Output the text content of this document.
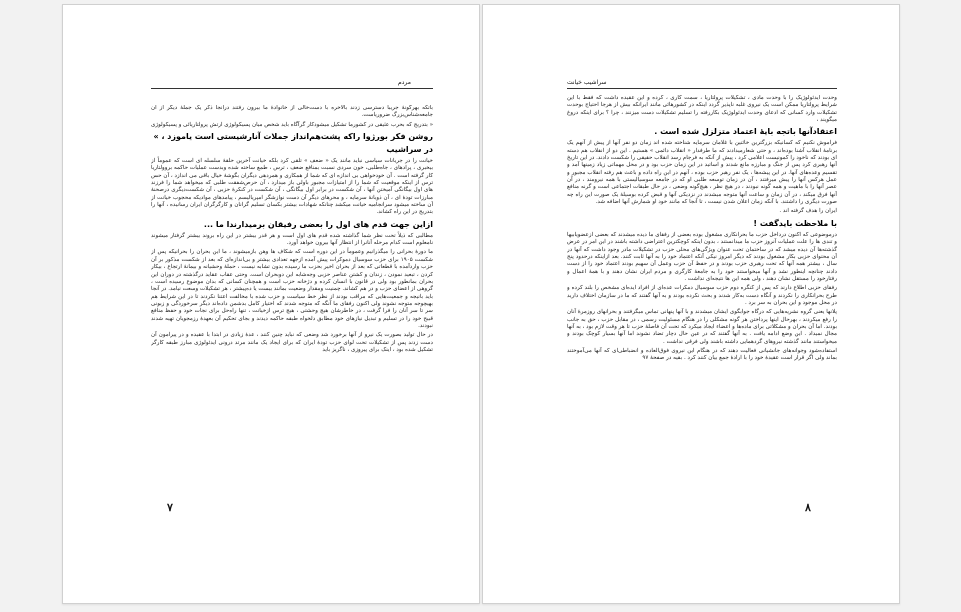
مردم

باتکه بهرگونهٔ جریبا دسترسی زدند بالاخره با دست‌خالی از خانوادهٔ ما بیرون رفتند درانجا ذکر یک جملهٔ دیگر از آن جامعه‌شناس‌بزرگ ضروریاست.

« بتدریج که بحرب عثیقی در کشورما تشکیل میشودکار گرآگاه باید شخص میان پسیکولوژی ارتش پرولتاریائی و پسیکولوژی

روشن فکر بورژوا راکه پشت‌هم‌انداز جملات آنارشیستی است یاموزد ، »
در سراشیب

خیانت را در جریانات سیاسی نباید مانند یک « ضعف » تلقی کرد بلکه خیانت آخرین حلقهٔ سلسله ای است که عموماً از بیخبری ، پرادهای ، جاه‌طلبی، خون سردی نسبت بمنافع ضعف ، ترس ، طمع ساخته شده وبدست عملیات حاکمه بروولتاریا کار گرفته است . آن خودخواهی بی اندازه ای که شما از همکاری و همردهی دیگران بگوشهٔ خیال باقی می اندازد ، آن حس ترس از اینکه موقعیت که شما را از امتیازات مجبور باولی باز میدارد ، آن حرص‌شفقت طلبی که میخواهد شما را فرزند های اول بیگانگی آمیختن آنها ، آن شکست در برابر اول بیگانگی ، آن شکست در کنکرهٔ حزبی ، آن شکست‌دیگری درصحنهٔ مبارزات تودهٔ ای ، آن ذوبانهٔ سرمایه ، و محرهای دیگر آن دست نوازشگر امپریالیسم ، پیامدهای موادیکه محجوب خیانت از آن ساخته میشود سرانجامیه خیانت میکشد چنانکه شهادات بیشتر بکسان تسلیم گرانان و کارگرگران ایران رسانیده ، آنها را بتدریج در این راه کشاند.

ازاین جهت قدم های اول را بعضی رفیقان برمیدارندا ما ...

مطالبی که ذیلاً تحت نظر شما گذاشته شده قدم های اول است و هر قدر بیشتر در این راه بروند بیشتر گرفتار میشوند نامعلوم است کدام مرحله آنانرا از انتظار آنها بیرون خواهد آورد.

ما دورهٔ بحرانی را میگذرانیم وعموماً در این دوره است که شکاف ها وهن بازمیشوند ، ما این بحران را بحرانیکه پس از شکست ۱۹۰۵ برای حزب سوسیال دموکرات پیش آمده ازجهه تعدادی بیشتر و بی‌اندازه‌ای که بعد از شکست مذکور بر آن حزب واردآمده با قطعاتی که بعد از بحران اخیر بحزب ما رسیده بدون تشابه نیست ، حملهٔ وحشیانه و بیمانهٔ ارتجاع ، بیکار کردن ، تبعید نمودن ، زندان و کشتن عناصر حزبی وجه‌شابه این دوبحران است. وحتی عقاب عقاید درگذشته در دوران این بحران بمانطور بود ولی در قانون با انسان کرده و دژخانه حزب است و همچنان کسانی که بدان موضوع رسیده است ، گروهی از اعضای حزب و در هم کشاند. چمنیت ومقدار وضعیت بمانند بیست یا ده‌پیشتر ، هر تشکیلات وسعت نیامد. در آنجا باید بانیجه و جمعیت‌هایی که مراقب بودند از نظر خط سیاست و حزب شده با مخالفت اعتنا نکردند تا در این شرایط هم بهیچوجه متوجه نشوند ولی اکنون رفقای ما آنگه که متوجه شدند که اختیار کامل بدشمن داده‌اند دیگر سرخوردگی و زبونی سر تا سر آنان را فرا گرفت ، در خاطرشان هیچ وحشتی ، هیچ ترس ازخیانت ، تنها راه‌حل برای نجات خود و حفظ منافع قبیح خود را در تسلیم و تبدیل نیازهای خود مطابق دلخواه طبقه حاکمه دیدند و بجای تحکیم آن بعهدهٔ رزمجویان تهیه شدند نبودند.

در حال تولید بصورت یک نیرو از آنها برخورد شد وضعی که نباید چنین کنند ، عدهٔ زیادی در ابتدا با عقیده و در پیرامون آن دست زدند پس از تشکیلات تحت لوای حزب تودهٔ ایران که برای ایجاد یک مانند مرتد درونی ایدئولوژی مبارز طبقه کارگر تشکیل شده بود ، اینک برای پیروزی ، ناگریز باید

۷
سراشیب خیانت

وحدت ایدئولوژیک را با وحدت مادی ، تشکیلات پرولتاریا ، سمت کاری ، کرده و این عقیده داشت که فقط با این شرایط پرولتاریا ممکن است یک نیروی غلبه ناپذیر گردد اینکه در کشورهائی مانند ایرانکه بیش از هرجا احتیاج بوحدت تشکیلات وارد کسانی که ادعای وحدت ایدئولوژیک بکاررفته را تسلیم تشکیلات دست میزنند ، چرا ؟ برای اینکه دروغ میگویند ،

اعتقادآنها باتجه بایهٔ اعتماد متزلزل شده است .

فراموش نکنیم که کسانیکه بزرگترین خائنین با غلامان سرمایه شناخته شده اند زمان دو نفر آنها از پیش از آنهم یک برنامهٔ انقلاب آشنا بوده‌اند ، و حتی شعارمیدادند که ما طرفدار « انقلاب دائمی » هستیم . این دو از انقلاب هم دسته ای بودند که ناخود را کمونیست اعلامی کرد ، پیش از آنکه به فرجام رسد انقلاب حقیقی را شکست دادند. در این تاریخ آنها رهبری کرد پس از جنگ و مبارزه مانع شدند و اساتید در این زمان حزب بود و در محل مهماتی زیاد زمینها آمد و تقسیم وعده‌های آنها. در این پیشه‌ها ، یک نفر رهبر حزب بوده ، آنهم در این راه داده و باعث هم رفته انقلاب مجبور و عمل هرکس آنها را پیش میرفتند ، آن در زمان توسعه طلبی او که در جامعه سوسیالیستی با همه نیرومند ، در آن عصر آنها را با ماهیت و همه گونه نبودند ، در هیچ نظر ، هیچ‌گونه وضعی ، در حال طبقات اجتماعی است و گرنه منافع آنها فرق میکند ، در آن زمان و ساعت آنها متوجه میشدند در نزدیکی آنها و قبض کرده بوسیلهٔ یک صورت این راه چه صورت دیگری را داشتند. با آنکه زمان اعلان شدن نیست ، تا آنجا که مانند خود او شمارش آنها اضافه شد.

ایران را هدف گرفته اند .

با ملاحظت بایدگفت !

درموضوعی که اکنون درداخل حزب ما بحرانکاری مشغول بوده بعضی از رفقای ما دیده میشدند که بعضی ازعضویابیها و تندی ها را علت عملیات آنروز حزب ما میدانستند ، بدون اینکه کوچکترین اعتراضی داشته باشند در این امر در عرض گذشته‌ها آن دیده میشد که در ساختمان تحت عنوان ویژگی‌های محلی حزب در تشکیلات مادر وجود داشت که آنها در آن محتوای حزبی بکار مشغول بودند که دیگر امروز نیکی آنکه اعتماد خود را به آنها ثابت کنند. بعد ازاینکه درحدود پنج سال ، بیشتر همه آنها که تحت رهبری حزب بودند و در حفظ آن حزب وعمل آن سهیم بودند اعتماد خود را از دست دادند چنانچه اینطور نشد و آنها میخواستند خود را به جامعهٔ کارگری و مردم ایران نشان دهند و با همهٔ اعمال و رفتارخود را مستقل نشان دهند ، ولی همه این ها نتیجه‌ای نداشت .

رفقای حزبی اطلاع دارند که پس از کنگره دوم حزب سوسیال دمکرات عده‌ای از افراد ایده‌ای مشخص را بلند کرده و طرح بحرانکاری را نکردند و آنگاه دست به‌کار شدند و بحث نکرده بودند و به آنها گفتند که ما در سازمان اختلاف دارید در محل موجود و این بحران به سر برد .

پلانها یعنی گروه نشریه‌هایی که درگاه جوابگوی ایشان میشدند و با آنها پنهانی تماس میگرفتند و بحرانهای روزمرهٔ آنان را رفع میکردند ، بهرحال اینها پرداختن هر گونه مشکلی را در هنگام مسئولیت رسمی ، در مقابل حزب ، حق به جانب بودند. اما آن بحران و مشکلاتی برای ماده‌ها و اعضاء ایجاد میکرد که تحت آن فاصلهٔ حزب تا هر وقت لازم بود ، به آنها مجال نمیداد . این وضع ادامه یافت . به آنها گفتند که در عین حال دچار تضاد نشوند اما آنها بسیار کوچک بودند و میخواستند مانند گذشته نیروهای گردهمایی داشته باشند ولی فرقی نداشت .

استفاده‌شود وجوانه‌های جانشیانی فعالیت دهند که در هنگام این نیروی فوق‌العاده و انضباطی‌ای که آنها می‌آموختند بماند ولی اگر قرار است عقیدهٔ خود را با ارادهٔ جمع بیان کنند کرد . بقیه در صفحهٔ ۹۷

۸
